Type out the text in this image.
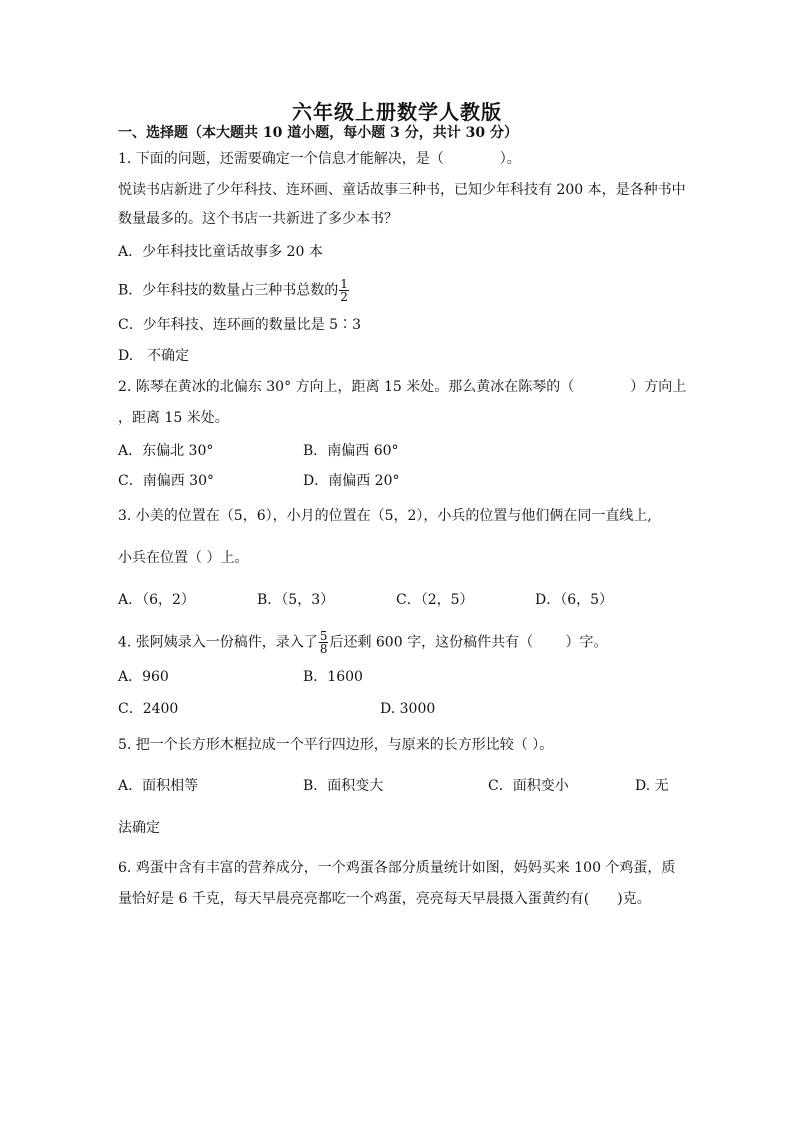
六年级上册数学人教版
一、选择题（本大题共 10 道小题，每小题 3 分，共计 30 分）
1. 下面的问题，还需要确定一个信息才能解决，是（　　　　）。
悦读书店新进了少年科技、连环画、童话故事三种书，已知少年科技有 200 本，是各种书中
数量最多的。这个书店一共新进了多少本书？
A．少年科技比童话故事多 20 本
B．少年科技的数量占三种书总数的 $\frac{1}{2}$
C．少年科技、连环画的数量比是 5∶3
D.　不确定
2. 陈琴在黄冰的北偏东 30° 方向上，距离 15 米处。那么黄冰在陈琴的（　　　　）方向上
，距离 15 米处。
A．东偏北 30°	B．南偏西 60°
C．南偏西 30°	D．南偏西 20°
3. 小美的位置在（5，6），小月的位置在（5，2），小兵的位置与他们俩在同一直线上,
小兵在位置（ ）上。
A．（6，2）	B．（5，3）	C．（2，5）	D．（6，5）
4. 张阿姨录入一份稿件，录入了 $\frac{5}{8}$ 后还剩 600 字，这份稿件共有（　　 ）字。
A．960	B．1600
C．2400	D. 3000
5. 把一个长方形木框拉成一个平行四边形，与原来的长方形比较（ ）。
A．面积相等	B．面积变大	C．面积变小	D. 无
法确定
6. 鸡蛋中含有丰富的营养成分，一个鸡蛋各部分质量统计如图，妈妈买来 100 个鸡蛋，质
量恰好是 6 千克，每天早晨亮亮都吃一个鸡蛋，亮亮每天早晨摄入蛋黄约有(　　)克。
